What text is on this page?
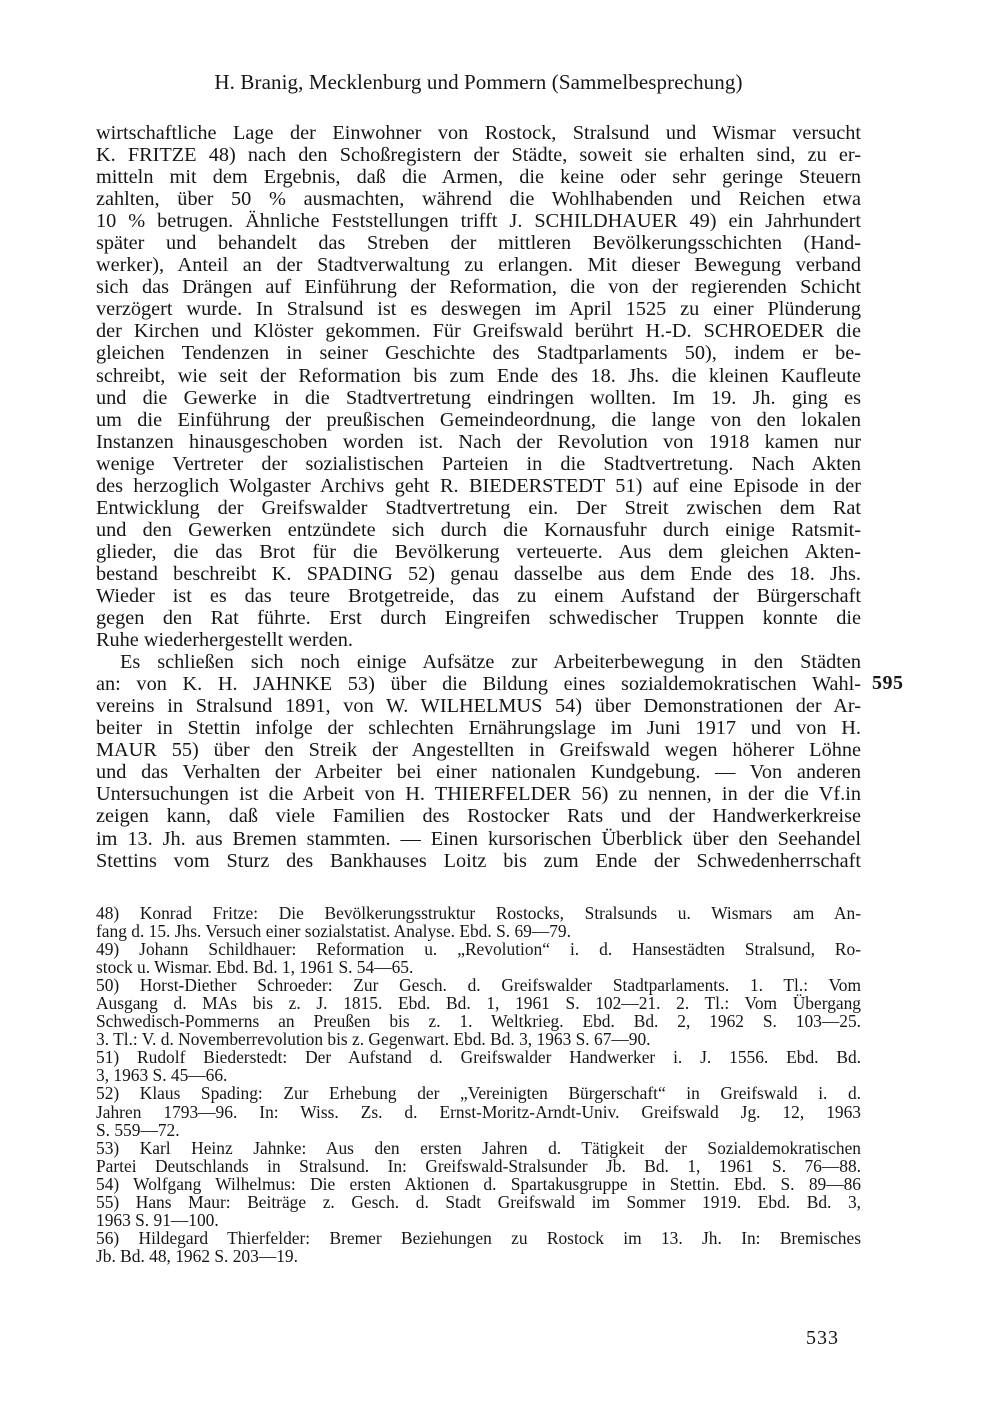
H. Branig, Mecklenburg und Pommern (Sammelbesprechung)
wirtschaftliche Lage der Einwohner von Rostock, Stralsund und Wismar versucht
K. FRITZE 48) nach den Schoßregistern der Städte, soweit sie erhalten sind, zu er-
mitteln mit dem Ergebnis, daß die Armen, die keine oder sehr geringe Steuern
zahlten, über 50 % ausmachten, während die Wohlhabenden und Reichen etwa
10 % betrugen. Ähnliche Feststellungen trifft J. SCHILDHAUER 49) ein Jahrhundert
später und behandelt das Streben der mittleren Bevölkerungsschichten (Hand-
werker), Anteil an der Stadtverwaltung zu erlangen. Mit dieser Bewegung verband
sich das Drängen auf Einführung der Reformation, die von der regierenden Schicht
verzögert wurde. In Stralsund ist es deswegen im April 1525 zu einer Plünderung
der Kirchen und Klöster gekommen. Für Greifswald berührt H.-D. SCHROEDER die
gleichen Tendenzen in seiner Geschichte des Stadtparlaments 50), indem er be-
schreibt, wie seit der Reformation bis zum Ende des 18. Jhs. die kleinen Kaufleute
und die Gewerke in die Stadtvertretung eindringen wollten. Im 19. Jh. ging es
um die Einführung der preußischen Gemeindeordnung, die lange von den lokalen
Instanzen hinausgeschoben worden ist. Nach der Revolution von 1918 kamen nur
wenige Vertreter der sozialistischen Parteien in die Stadtvertretung. Nach Akten
des herzoglich Wolgaster Archivs geht R. BIEDERSTEDT 51) auf eine Episode in der
Entwicklung der Greifswalder Stadtvertretung ein. Der Streit zwischen dem Rat
und den Gewerken entzündete sich durch die Kornausfuhr durch einige Ratsmit-
glieder, die das Brot für die Bevölkerung verteuerte. Aus dem gleichen Akten-
bestand beschreibt K. SPADING 52) genau dasselbe aus dem Ende des 18. Jhs.
Wieder ist es das teure Brotgetreide, das zu einem Aufstand der Bürgerschaft
gegen den Rat führte. Erst durch Eingreifen schwedischer Truppen konnte die
Ruhe wiederhergestellt werden.
Es schließen sich noch einige Aufsätze zur Arbeiterbewegung in den Städten
an: von K. H. JAHNKE 53) über die Bildung eines sozialdemokratischen Wahl-
vereins in Stralsund 1891, von W. WILHELMUS 54) über Demonstrationen der Ar-
beiter in Stettin infolge der schlechten Ernährungslage im Juni 1917 und von H.
MAUR 55) über den Streik der Angestellten in Greifswald wegen höherer Löhne
und das Verhalten der Arbeiter bei einer nationalen Kundgebung. — Von anderen
Untersuchungen ist die Arbeit von H. THIERFELDER 56) zu nennen, in der die Vf.in
zeigen kann, daß viele Familien des Rostocker Rats und der Handwerkerkreise
im 13. Jh. aus Bremen stammten. — Einen kursorischen Überblick über den Seehandel
Stettins vom Sturz des Bankhauses Loitz bis zum Ende der Schwedenherrschaft
595
48) Konrad Fritze: Die Bevölkerungsstruktur Rostocks, Stralsunds u. Wismars am An-
fang d. 15. Jhs. Versuch einer sozialstatist. Analyse. Ebd. S. 69—79.
49) Johann Schildhauer: Reformation u. „Revolution“ i. d. Hansestädten Stralsund, Ro-
stock u. Wismar. Ebd. Bd. 1, 1961 S. 54—65.
50) Horst-Diether Schroeder: Zur Gesch. d. Greifswalder Stadtparlaments. 1. Tl.: Vom
Ausgang d. MAs bis z. J. 1815. Ebd. Bd. 1, 1961 S. 102—21. 2. Tl.: Vom Übergang
Schwedisch-Pommerns an Preußen bis z. 1. Weltkrieg. Ebd. Bd. 2, 1962 S. 103—25.
3. Tl.: V. d. Novemberrevolution bis z. Gegenwart. Ebd. Bd. 3, 1963 S. 67—90.
51) Rudolf Biederstedt: Der Aufstand d. Greifswalder Handwerker i. J. 1556. Ebd. Bd.
3, 1963 S. 45—66.
52) Klaus Spading: Zur Erhebung der „Vereinigten Bürgerschaft“ in Greifswald i. d.
Jahren 1793—96. In: Wiss. Zs. d. Ernst-Moritz-Arndt-Univ. Greifswald Jg. 12, 1963
S. 559—72.
53) Karl Heinz Jahnke: Aus den ersten Jahren d. Tätigkeit der Sozialdemokratischen
Partei Deutschlands in Stralsund. In: Greifswald-Stralsunder Jb. Bd. 1, 1961 S. 76—88.
54) Wolfgang Wilhelmus: Die ersten Aktionen d. Spartakusgruppe in Stettin. Ebd. S. 89—86
55) Hans Maur: Beiträge z. Gesch. d. Stadt Greifswald im Sommer 1919. Ebd. Bd. 3,
1963 S. 91—100.
56) Hildegard Thierfelder: Bremer Beziehungen zu Rostock im 13. Jh. In: Bremisches
Jb. Bd. 48, 1962 S. 203—19.
533
